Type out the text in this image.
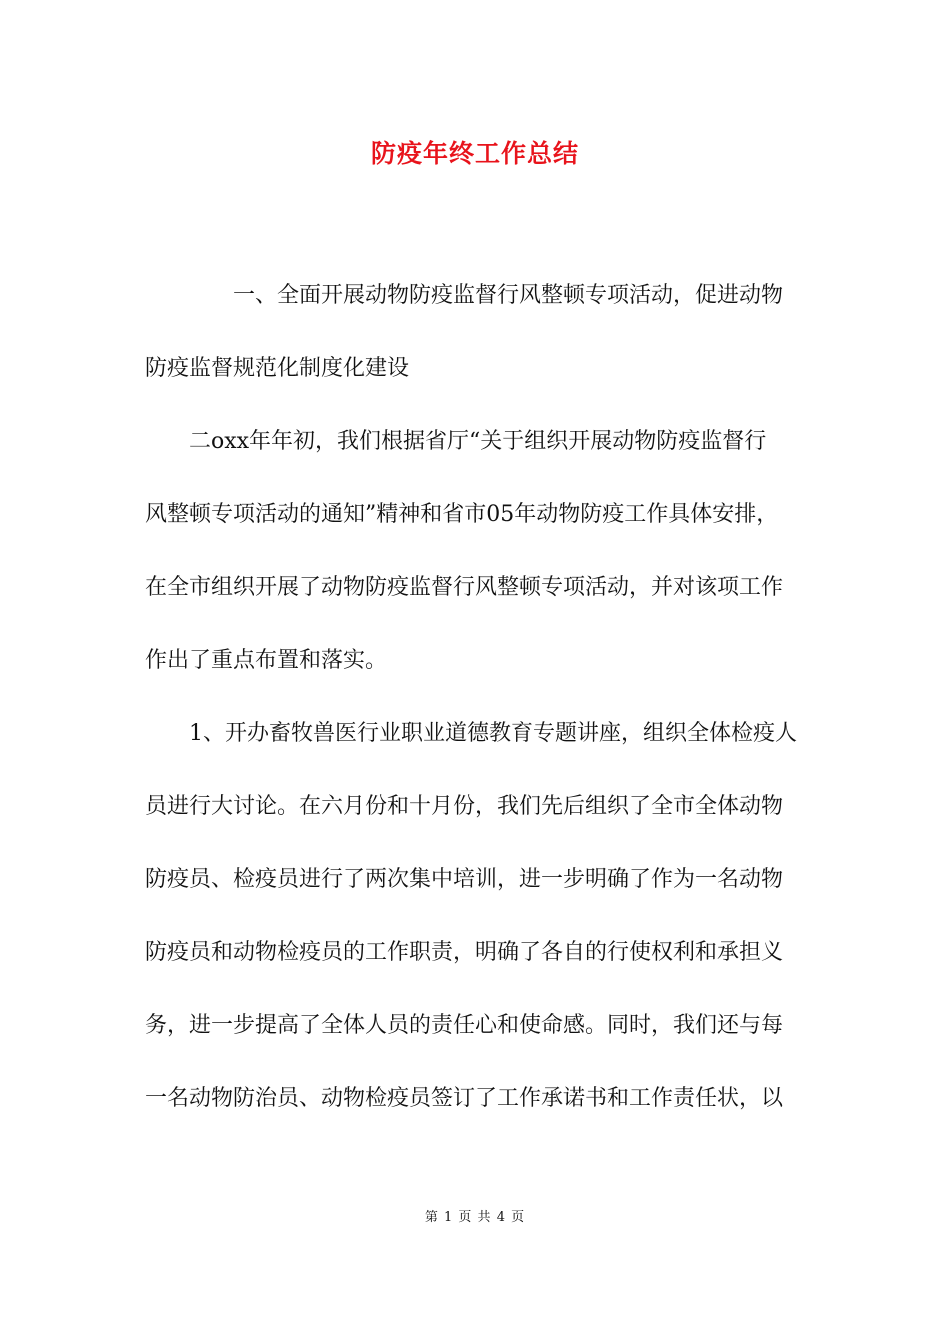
防疫年终工作总结
一、全面开展动物防疫监督行风整顿专项活动，促进动物
防疫监督规范化制度化建设
二oxx年年初，我们根据省厅“关于组织开展动物防疫监督行
风整顿专项活动的通知”精神和省市05年动物防疫工作具体安排，
在全市组织开展了动物防疫监督行风整顿专项活动，并对该项工作
作出了重点布置和落实。
1、开办畜牧兽医行业职业道德教育专题讲座，组织全体检疫人
员进行大讨论。在六月份和十月份，我们先后组织了全市全体动物
防疫员、检疫员进行了两次集中培训，进一步明确了作为一名动物
防疫员和动物检疫员的工作职责，明确了各自的行使权利和承担义
务，进一步提高了全体人员的责任心和使命感。同时，我们还与每
一名动物防治员、动物检疫员签订了工作承诺书和工作责任状，以
第 1 页 共 4 页
